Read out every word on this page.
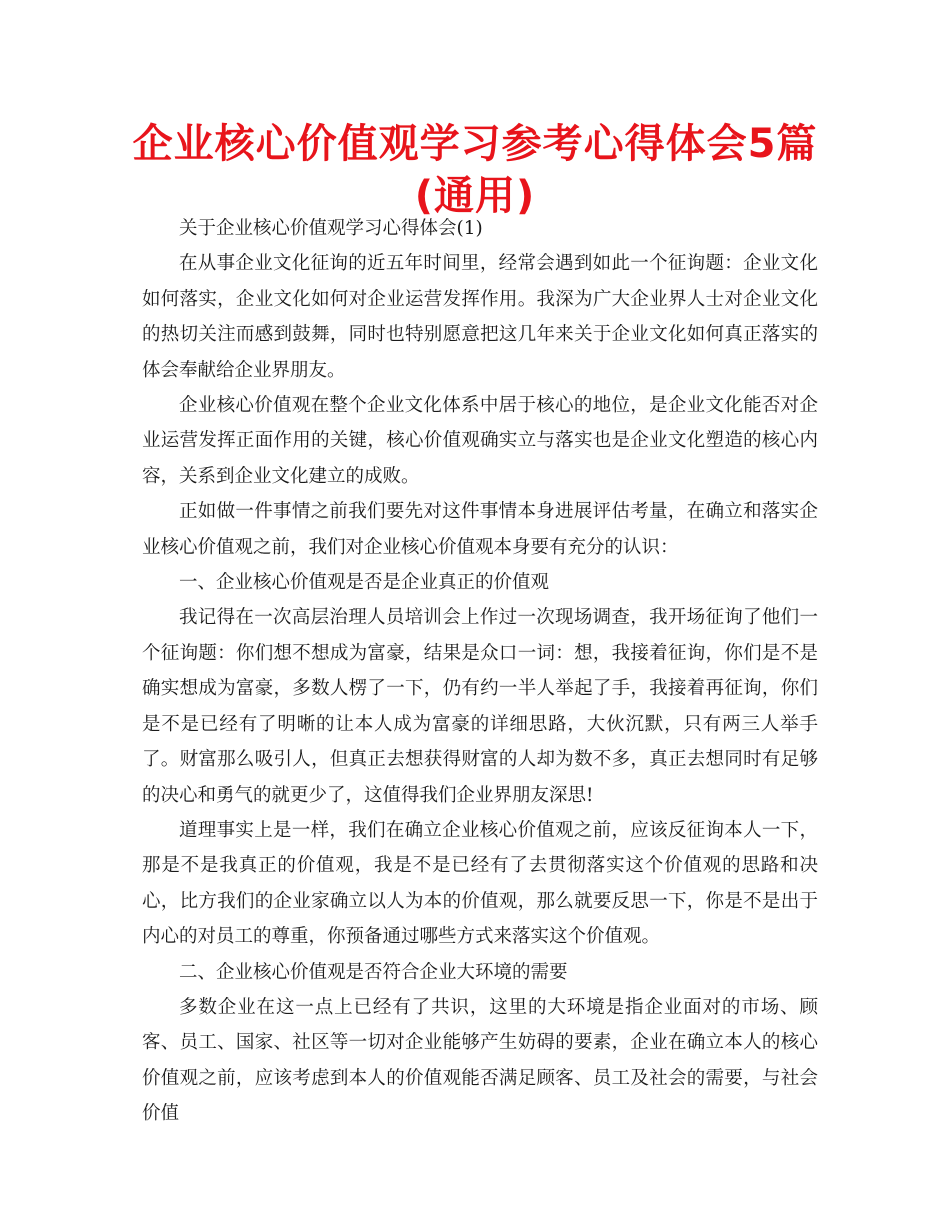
企业核心价值观学习参考心得体会5篇
(通用)

关于企业核心价值观学习心得体会(1)

在从事企业文化征询的近五年时间里，经常会遇到如此一个征询题：企业文化如何落实，企业文化如何对企业运营发挥作用。我深为广大企业界人士对企业文化的热切关注而感到鼓舞，同时也特别愿意把这几年来关于企业文化如何真正落实的体会奉献给企业界朋友。

企业核心价值观在整个企业文化体系中居于核心的地位，是企业文化能否对企业运营发挥正面作用的关键，核心价值观确实立与落实也是企业文化塑造的核心内容，关系到企业文化建立的成败。

正如做一件事情之前我们要先对这件事情本身进展评估考量，在确立和落实企业核心价值观之前，我们对企业核心价值观本身要有充分的认识：

一、企业核心价值观是否是企业真正的价值观

我记得在一次高层治理人员培训会上作过一次现场调查，我开场征询了他们一个征询题：你们想不想成为富豪，结果是众口一词：想，我接着征询，你们是不是确实想成为富豪，多数人楞了一下，仍有约一半人举起了手，我接着再征询，你们是不是已经有了明晰的让本人成为富豪的详细思路，大伙沉默，只有两三人举手了。财富那么吸引人，但真正去想获得财富的人却为数不多，真正去想同时有足够的决心和勇气的就更少了，这值得我们企业界朋友深思!

道理事实上是一样，我们在确立企业核心价值观之前，应该反征询本人一下，那是不是我真正的价值观，我是不是已经有了去贯彻落实这个价值观的思路和决心，比方我们的企业家确立以人为本的价值观，那么就要反思一下，你是不是出于内心的对员工的尊重，你预备通过哪些方式来落实这个价值观。

二、企业核心价值观是否符合企业大环境的需要

多数企业在这一点上已经有了共识，这里的大环境是指企业面对的市场、顾客、员工、国家、社区等一切对企业能够产生妨碍的要素，企业在确立本人的核心价值观之前，应该考虑到本人的价值观能否满足顾客、员工及社会的需要，与社会价值
